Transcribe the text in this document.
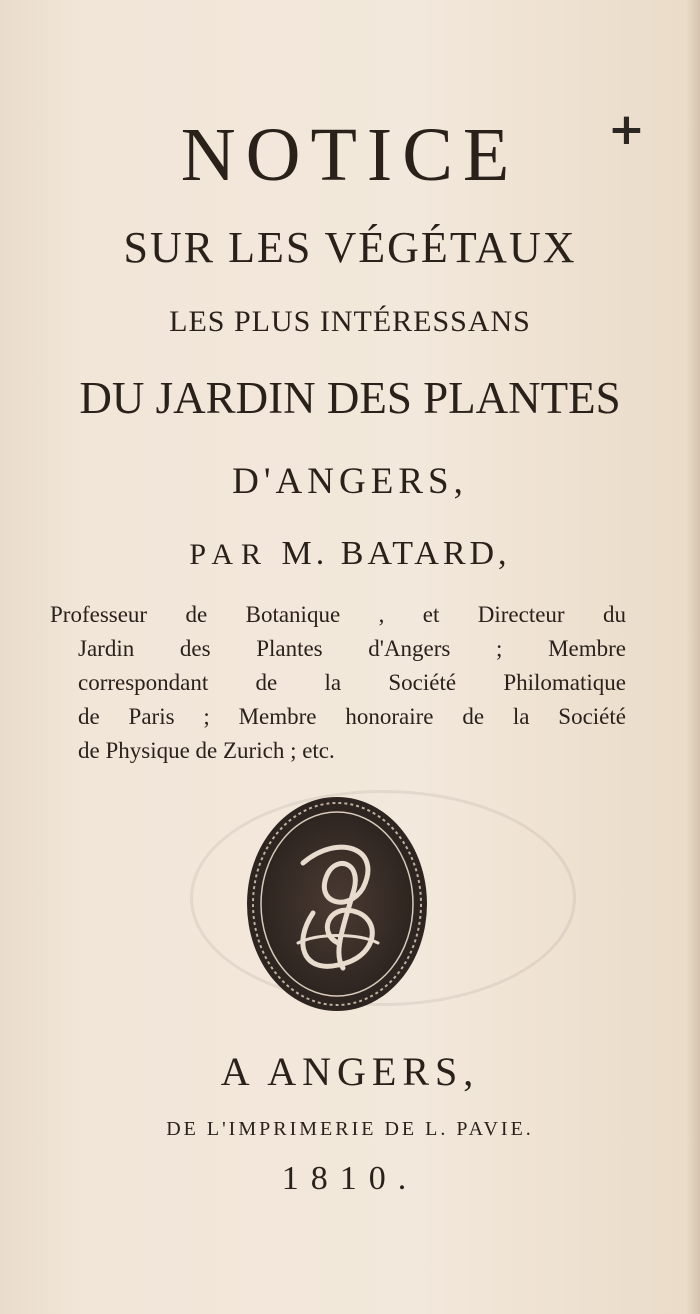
+
NOTICE

SUR LES VÉGÉTAUX

LES PLUS INTÉRESSANS

DU JARDIN DES PLANTES

D'ANGERS,

PAR M. BATARD,

Professeur de Botanique , et Directeur du
Jardin des Plantes d'Angers ; Membre
correspondant de la Société Philomatique
de Paris ; Membre honoraire de la Société
de Physique de Zurich ; etc.

A ANGERS,

DE L'IMPRIMERIE DE L. PAVIE.

1810.
